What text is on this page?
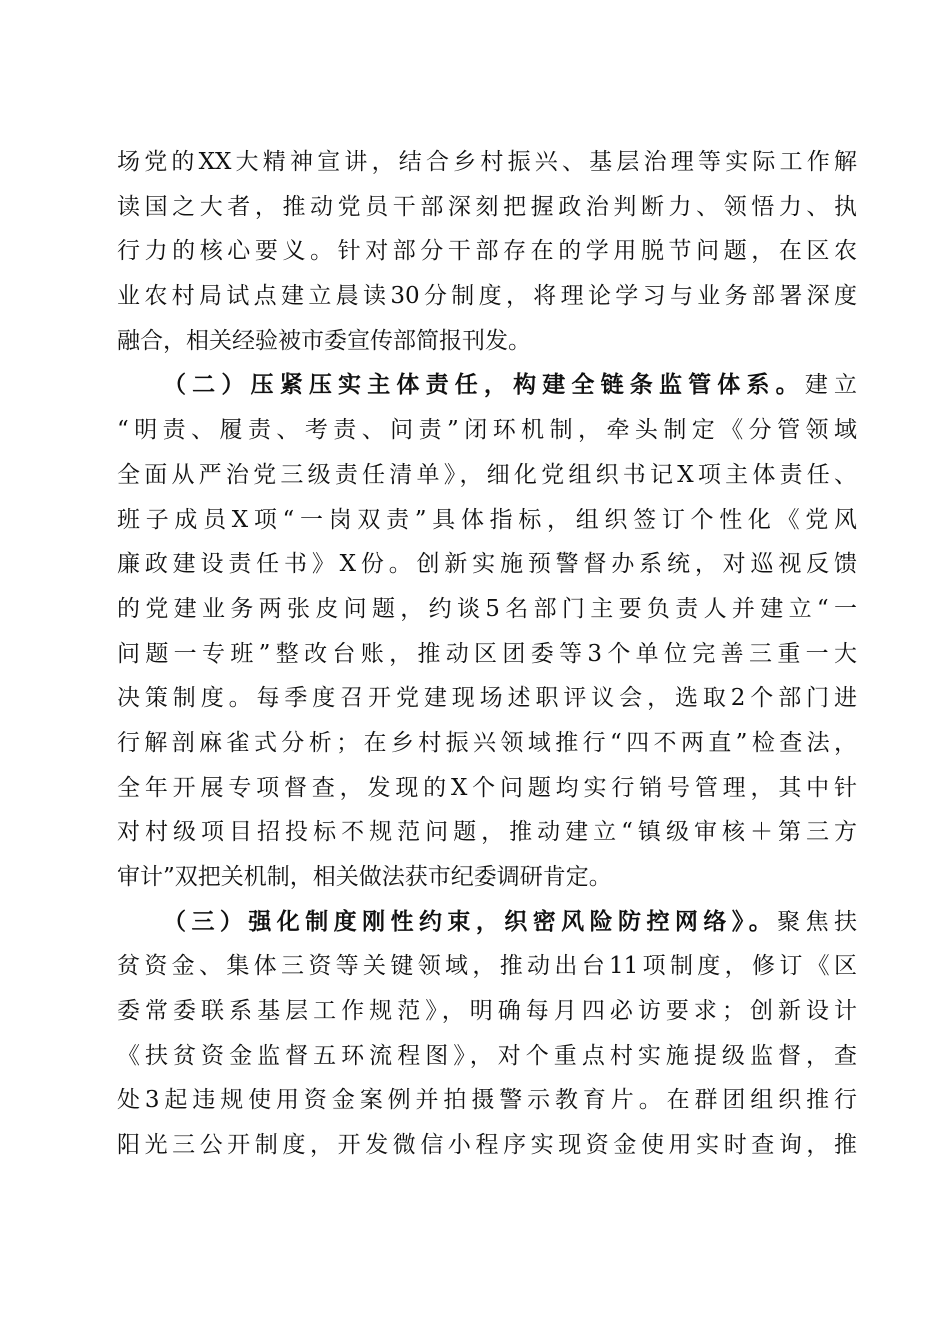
场党的XX大精神宣讲，结合乡村振兴、基层治理等实际工作解
读国之大者，推动党员干部深刻把握政治判断力、领悟力、执
行力的核心要义。针对部分干部存在的学用脱节问题，在区农
业农村局试点建立晨读30分制度，将理论学习与业务部署深度
融合，相关经验被市委宣传部简报刊发。
（二）压紧压实主体责任，构建全链条监管体系。建立
“明责、履责、考责、问责”闭环机制，牵头制定《分管领域
全面从严治党三级责任清单》，细化党组织书记X项主体责任、
班子成员X项“一岗双责”具体指标，组织签订个性化《党风
廉政建设责任书》X份。创新实施预警督办系统，对巡视反馈
的党建业务两张皮问题，约谈5名部门主要负责人并建立“一
问题一专班”整改台账，推动区团委等3个单位完善三重一大
决策制度。每季度召开党建现场述职评议会，选取2个部门进
行解剖麻雀式分析；在乡村振兴领域推行“四不两直”检查法，
全年开展专项督查，发现的X个问题均实行销号管理，其中针
对村级项目招投标不规范问题，推动建立“镇级审核＋第三方
审计”双把关机制，相关做法获市纪委调研肯定。
（三）强化制度刚性约束，织密风险防控网络》。聚焦扶
贫资金、集体三资等关键领域，推动出台11项制度，修订《区
委常委联系基层工作规范》，明确每月四必访要求；创新设计
《扶贫资金监督五环流程图》，对个重点村实施提级监督，查
处3起违规使用资金案例并拍摄警示教育片。在群团组织推行
阳光三公开制度，开发微信小程序实现资金使用实时查询，推
